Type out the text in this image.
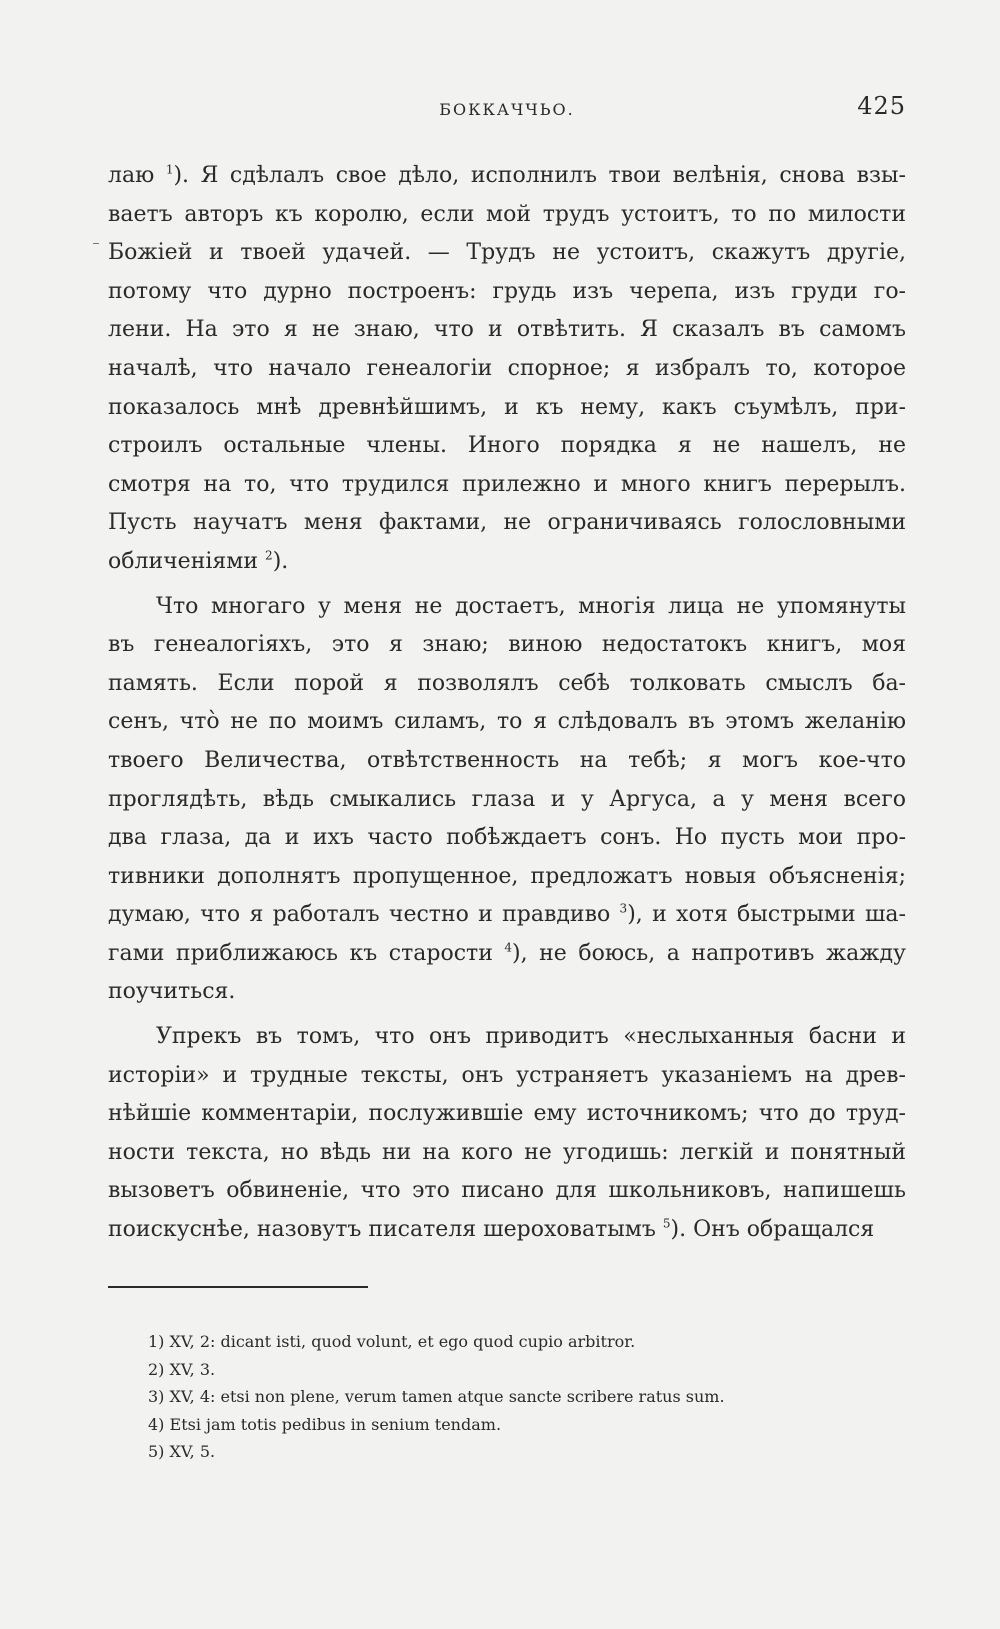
БОККАЧЧЬО.	425
лаю $^1$). Я сдѣлалъ свое дѣло, исполнилъ твои велѣнія, снова взы-
ваетъ авторъ къ королю, если мой трудъ устоитъ, то по милости
Божіей и твоей удачей. — Трудъ не устоитъ, скажутъ другіе,
потому что дурно построенъ: грудь изъ черепа, изъ груди го-
лени. На это я не знаю, что и отвѣтить. Я сказалъ въ самомъ
началѣ, что начало генеалогіи спорное; я избралъ то, которое
показалось мнѣ древнѣйшимъ, и къ нему, какъ съумѣлъ, при-
строилъ остальные члены. Иного порядка я не нашелъ, не
смотря на то, что трудился прилежно и много книгъ перерылъ.
Пусть научатъ меня фактами, не ограничиваясь голословными
обличеніями $^2$).
Что многаго у меня не достаетъ, многія лица не упомянуты
въ генеалогіяхъ, это я знаю; виною недостатокъ книгъ, моя
память. Если порой я позволялъ себѣ толковать смыслъ ба-
сенъ, что̀ не по моимъ силамъ, то я слѣдовалъ въ этомъ желанію
твоего Величества, отвѣтственность на тебѣ; я могъ кое-что
проглядѣть, вѣдь смыкались глаза и у Аргуса, а у меня всего
два глаза, да и ихъ часто побѣждаетъ сонъ. Но пусть мои про-
тивники дополнятъ пропущенное, предложатъ новыя объясненія;
думаю, что я работалъ честно и правдиво $^3$), и хотя быстрыми ша-
гами приближаюсь къ старости $^4$), не боюсь, а напротивъ жажду
поучиться.
Упрекъ въ томъ, что онъ приводитъ «неслыханныя басни и
исторіи» и трудные тексты, онъ устраняетъ указаніемъ на древ-
нѣйшіе комментаріи, послужившіе ему источникомъ; что до труд-
ности текста, но вѣдь ни на кого не угодишь: легкій и понятный
вызоветъ обвиненіе, что это писано для школьниковъ, напишешь
поискуснѣе, назовутъ писателя шероховатымъ $^5$). Онъ обращался
1) XV, 2: dicant isti, quod volunt, et ego quod cupio arbitror.
2) XV, 3.
3) XV, 4: etsi non plene, verum tamen atque sancte scribere ratus sum.
4) Etsi jam totis pedibus in senium tendam.
5) XV, 5.
